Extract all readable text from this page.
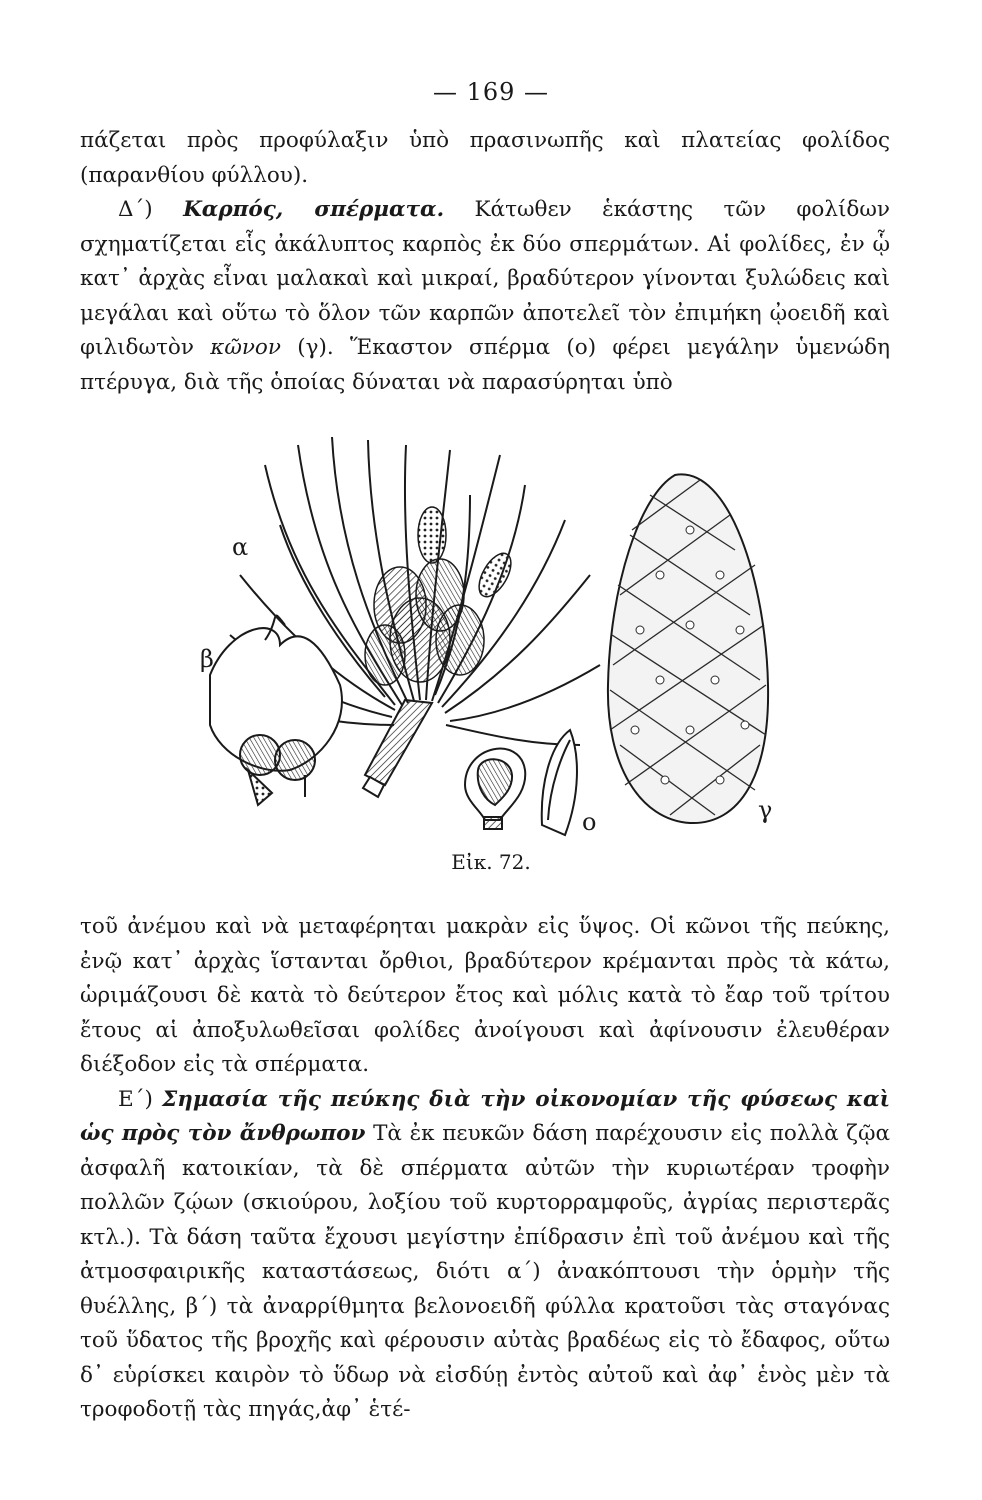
— 169 —

πάζεται πρὸς προφύλαξιν ὑπὸ πρασινωπῆς καὶ πλατείας φολίδος (παρανθίου φύλλου).

Δ΄) Καρπός, σπέρματα. Κάτωθεν ἑκάστης τῶν φολίδων σχηματίζεται εἷς ἀκάλυπτος καρπὸς ἐκ δύο σπερμάτων. Αἱ φολίδες, ἐν ᾧ κατ᾽ ἀρχὰς εἶναι μαλακαὶ καὶ μικραί, βραδύτερον γίνονται ξυλώδεις καὶ μεγάλαι καὶ οὕτω τὸ ὅλον τῶν καρπῶν ἀποτελεῖ τὸν ἐπιμήκη ᾠοειδῆ καὶ φιλιδωτὸν κῶνον (γ). Ἕκαστον σπέρμα (ο) φέρει μεγάλην ὑμενώδη πτέρυγα, διὰ τῆς ὁποίας δύναται νὰ παρασύρηται ὑπὸ

α
β
γ
ο
Εἰκ. 72.

τοῦ ἀνέμου καὶ νὰ μεταφέρηται μακρὰν εἰς ὕψος. Οἱ κῶνοι τῆς πεύκης, ἐνῷ κατ᾽ ἀρχὰς ἵστανται ὄρθιοι, βραδύτερον κρέμανται πρὸς τὰ κάτω, ὡριμάζουσι δὲ κατὰ τὸ δεύτερον ἔτος καὶ μόλις κατὰ τὸ ἔαρ τοῦ τρίτου ἔτους αἱ ἀποξυλωθεῖσαι φολίδες ἀνοίγουσι καὶ ἀφίνουσιν ἐλευθέραν διέξοδον εἰς τὰ σπέρματα.

Ε΄) Σημασία τῆς πεύκης διὰ τὴν οἰκονομίαν τῆς φύσεως καὶ ὡς πρὸς τὸν ἄνθρωπον Τὰ ἐκ πευκῶν δάση παρέχουσιν εἰς πολλὰ ζῷα ἀσφαλῆ κατοικίαν, τὰ δὲ σπέρματα αὐτῶν τὴν κυριωτέραν τροφὴν πολλῶν ζῴων (σκιούρου, λοξίου τοῦ κυρτορραμφοῦς, ἀγρίας περιστερᾶς κτλ.). Τὰ δάση ταῦτα ἔχουσι μεγίστην ἐπίδρασιν ἐπὶ τοῦ ἀνέμου καὶ τῆς ἀτμοσφαιρικῆς καταστάσεως, διότι α΄) ἀνακόπτουσι τὴν ὁρμὴν τῆς θυέλλης, β΄) τὰ ἀναρρίθμητα βελονοειδῆ φύλλα κρατοῦσι τὰς σταγόνας τοῦ ὕδατος τῆς βροχῆς καὶ φέρουσιν αὐτὰς βραδέως εἰς τὸ ἔδαφος, οὕτω δ᾽ εὑρίσκει καιρὸν τὸ ὕδωρ νὰ εἰσδύῃ ἐντὸς αὐτοῦ καὶ ἀφ᾽ ἑνὸς μὲν τὰ τροφοδοτῇ τὰς πηγάς,ἀφ᾽ ἑτέ-
